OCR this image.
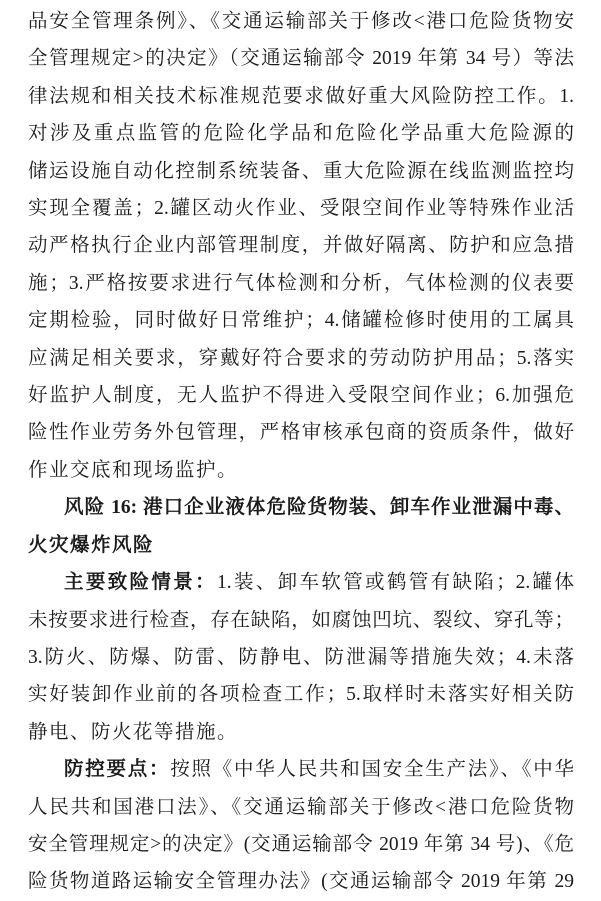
品安全管理条例》、《交通运输部关于修改<港口危险货物安
全管理规定>的决定》（交通运输部令 2019 年第 34 号）等法
律法规和相关技术标准规范要求做好重大风险防控工作。1.
对涉及重点监管的危险化学品和危险化学品重大危险源的
储运设施自动化控制系统装备、重大危险源在线监测监控均
实现全覆盖；2.罐区动火作业、受限空间作业等特殊作业活
动严格执行企业内部管理制度，并做好隔离、防护和应急措
施；3.严格按要求进行气体检测和分析，气体检测的仪表要
定期检验，同时做好日常维护；4.储罐检修时使用的工属具
应满足相关要求，穿戴好符合要求的劳动防护用品；5.落实
好监护人制度，无人监护不得进入受限空间作业；6.加强危
险性作业劳务外包管理，严格审核承包商的资质条件，做好
作业交底和现场监护。
风险 16: 港口企业液体危险货物装、卸车作业泄漏中毒、
火灾爆炸风险
主要致险情景：1.装、卸车软管或鹤管有缺陷；2.罐体
未按要求进行检查，存在缺陷，如腐蚀凹坑、裂纹、穿孔等；
3.防火、防爆、防雷、防静电、防泄漏等措施失效；4.未落
实好装卸作业前的各项检查工作；5.取样时未落实好相关防
静电、防火花等措施。
防控要点：按照《中华人民共和国安全生产法》、《中华
人民共和国港口法》、《交通运输部关于修改<港口危险货物
安全管理规定>的决定》(交通运输部令 2019 年第 34 号)、《危
险货物道路运输安全管理办法》(交通运输部令 2019 年第 29
